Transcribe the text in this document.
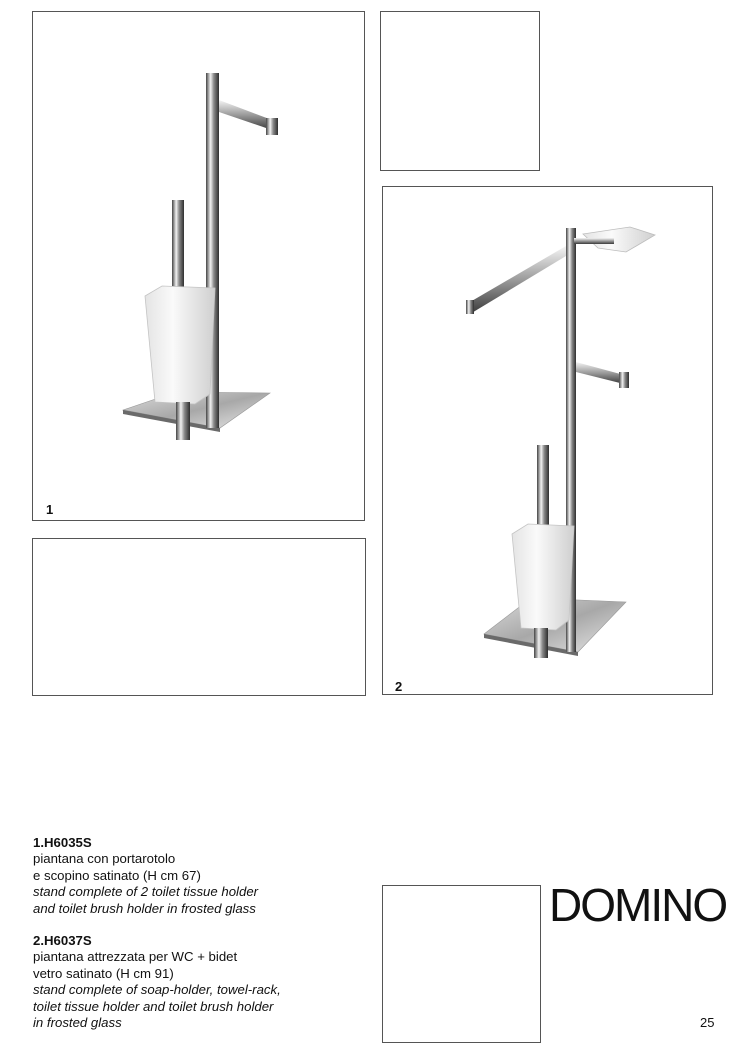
1
2
1.H6035S
piantana con portarotolo
e scopino satinato (H cm 67)
stand complete of 2 toilet tissue holder
and toilet brush holder in frosted glass
2.H6037S
piantana attrezzata per WC + bidet
vetro satinato (H cm 91)
stand complete of soap-holder, towel-rack,
toilet tissue holder and toilet brush holder
in frosted glass
DOMINO
25
